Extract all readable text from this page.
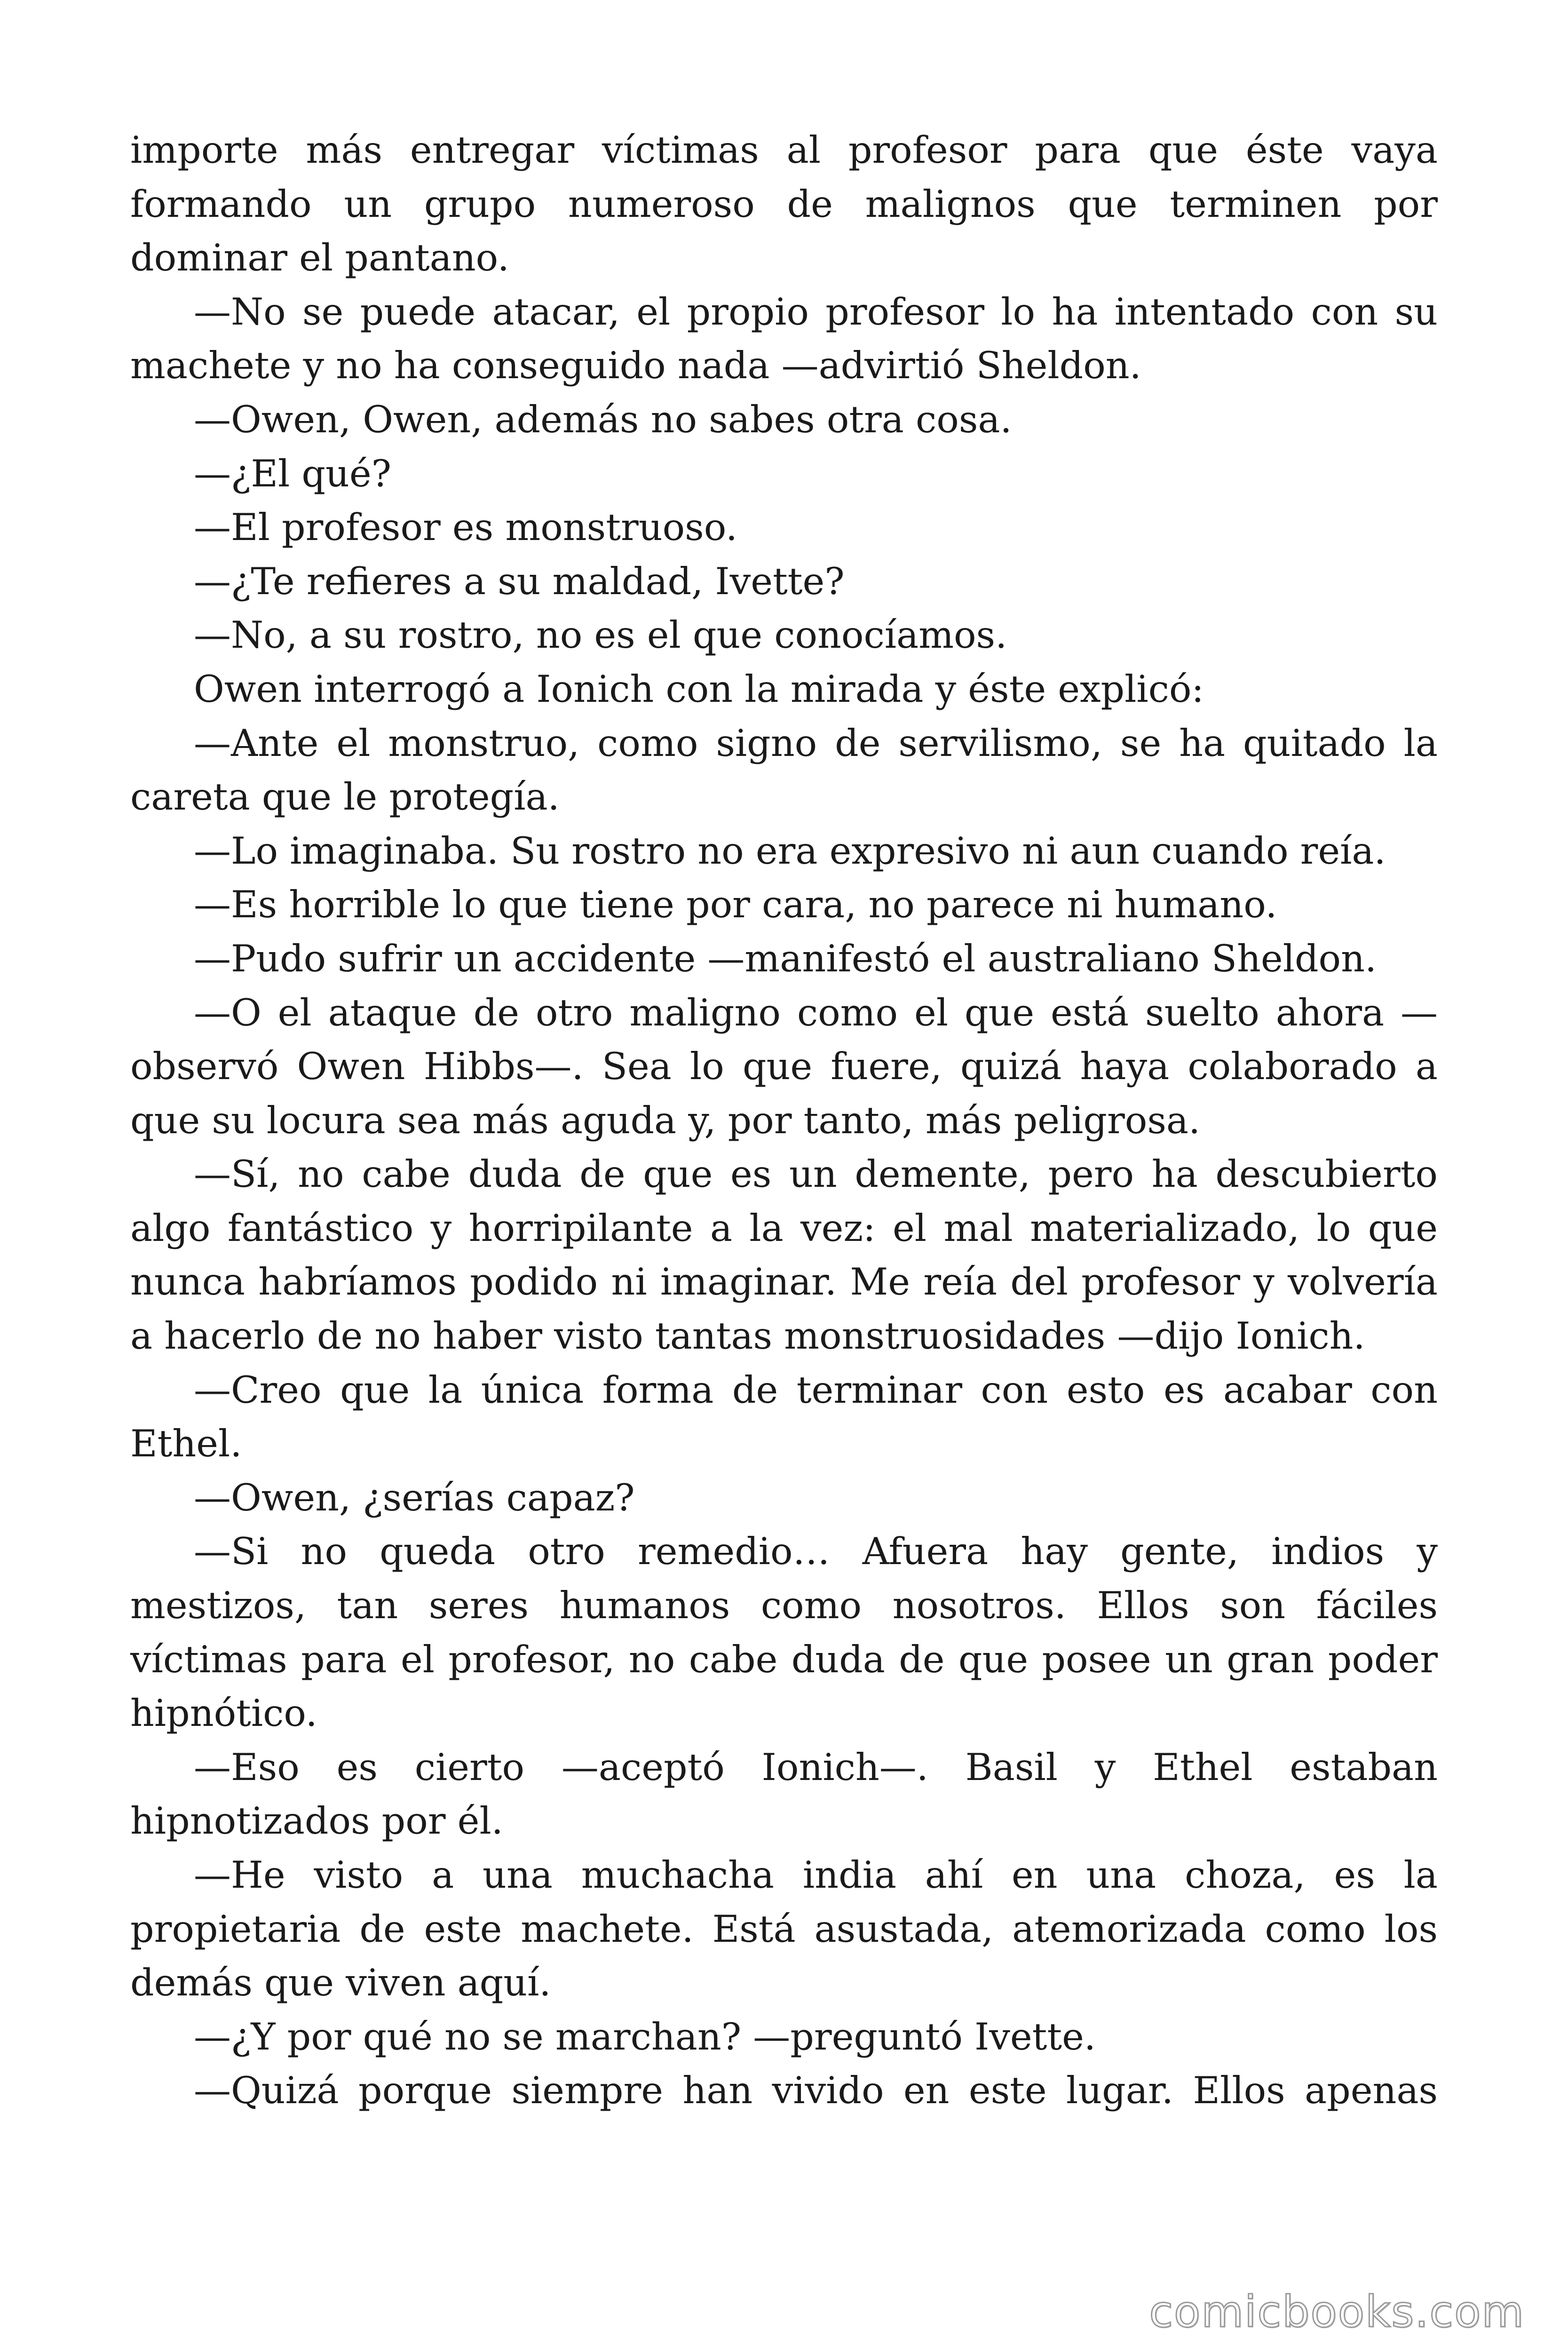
importe más entregar víctimas al profesor para que éste vaya formando un grupo numeroso de malignos que terminen por dominar el pantano.

—No se puede atacar, el propio profesor lo ha intentado con su machete y no ha conseguido nada —advirtió Sheldon.

—Owen, Owen, además no sabes otra cosa.

—¿El qué?

—El profesor es monstruoso.

—¿Te refieres a su maldad, Ivette?

—No, a su rostro, no es el que conocíamos.

Owen interrogó a Ionich con la mirada y éste explicó:

—Ante el monstruo, como signo de servilismo, se ha quitado la careta que le protegía.

—Lo imaginaba. Su rostro no era expresivo ni aun cuando reía.

—Es horrible lo que tiene por cara, no parece ni humano.

—Pudo sufrir un accidente —manifestó el australiano Sheldon.

—O el ataque de otro maligno como el que está suelto ahora —observó Owen Hibbs—. Sea lo que fuere, quizá haya colaborado a que su locura sea más aguda y, por tanto, más peligrosa.

—Sí, no cabe duda de que es un demente, pero ha descubierto algo fantástico y horripilante a la vez: el mal materializado, lo que nunca habríamos podido ni imaginar. Me reía del profesor y volvería a hacerlo de no haber visto tantas monstruosidades —dijo Ionich.

—Creo que la única forma de terminar con esto es acabar con Ethel.

—Owen, ¿serías capaz?

—Si no queda otro remedio… Afuera hay gente, indios y mestizos, tan seres humanos como nosotros. Ellos son fáciles víctimas para el profesor, no cabe duda de que posee un gran poder hipnótico.

—Eso es cierto —aceptó Ionich—. Basil y Ethel estaban hipnotizados por él.

—He visto a una muchacha india ahí en una choza, es la propietaria de este machete. Está asustada, atemorizada como los demás que viven aquí.

—¿Y por qué no se marchan? —preguntó Ivette.

—Quizá porque siempre han vivido en este lugar. Ellos apenas

comicbooks.com
